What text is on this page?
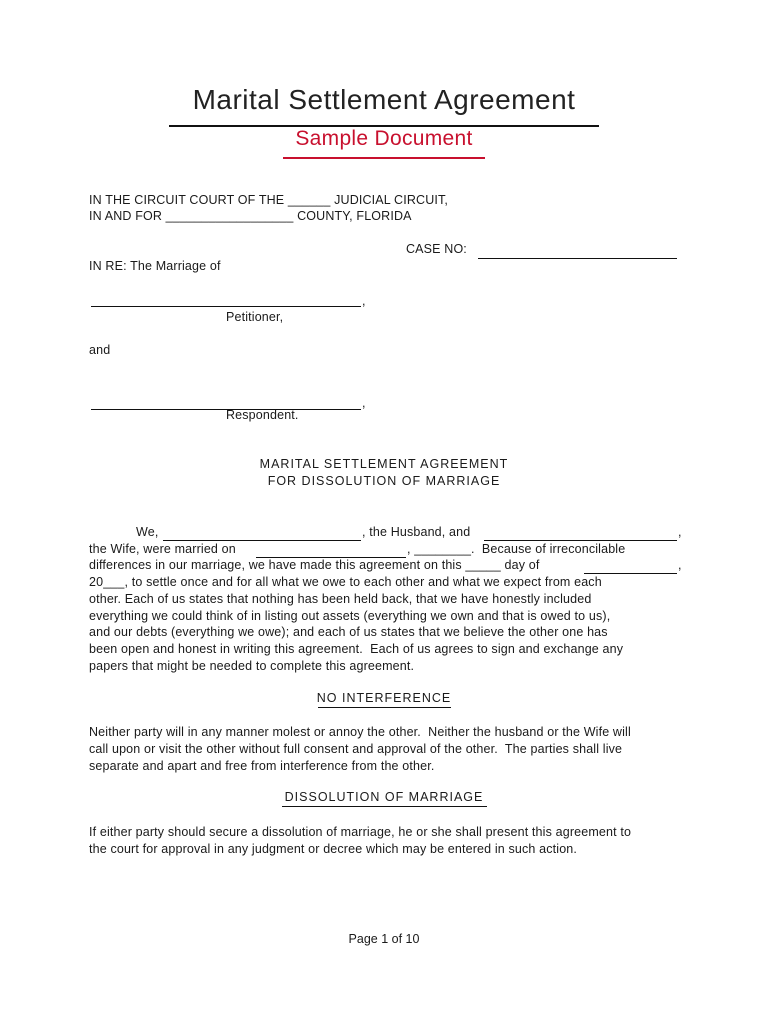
Marital Settlement Agreement
Sample Document
IN THE CIRCUIT COURT OF THE ______ JUDICIAL CIRCUIT,
IN AND FOR __________________ COUNTY, FLORIDA
CASE NO:
IN RE: The Marriage of
,
Petitioner,
and
,
Respondent.
MARITAL SETTLEMENT AGREEMENT
FOR DISSOLUTION OF MARRIAGE
We,	, the Husband, and	,
the Wife, were married on	, ________.  Because of irreconcilable
differences in our marriage, we have made this agreement on this _____ day of	,
20___, to settle once and for all what we owe to each other and what we expect from each
other. Each of us states that nothing has been held back, that we have honestly included
everything we could think of in listing out assets (everything we own and that is owed to us),
and our debts (everything we owe); and each of us states that we believe the other one has
been open and honest in writing this agreement.  Each of us agrees to sign and exchange any
papers that might be needed to complete this agreement.
NO INTERFERENCE
Neither party will in any manner molest or annoy the other.  Neither the husband or the Wife will
call upon or visit the other without full consent and approval of the other.  The parties shall live
separate and apart and free from interference from the other.
DISSOLUTION OF MARRIAGE
If either party should secure a dissolution of marriage, he or she shall present this agreement to
the court for approval in any judgment or decree which may be entered in such action.
Page 1 of 10
